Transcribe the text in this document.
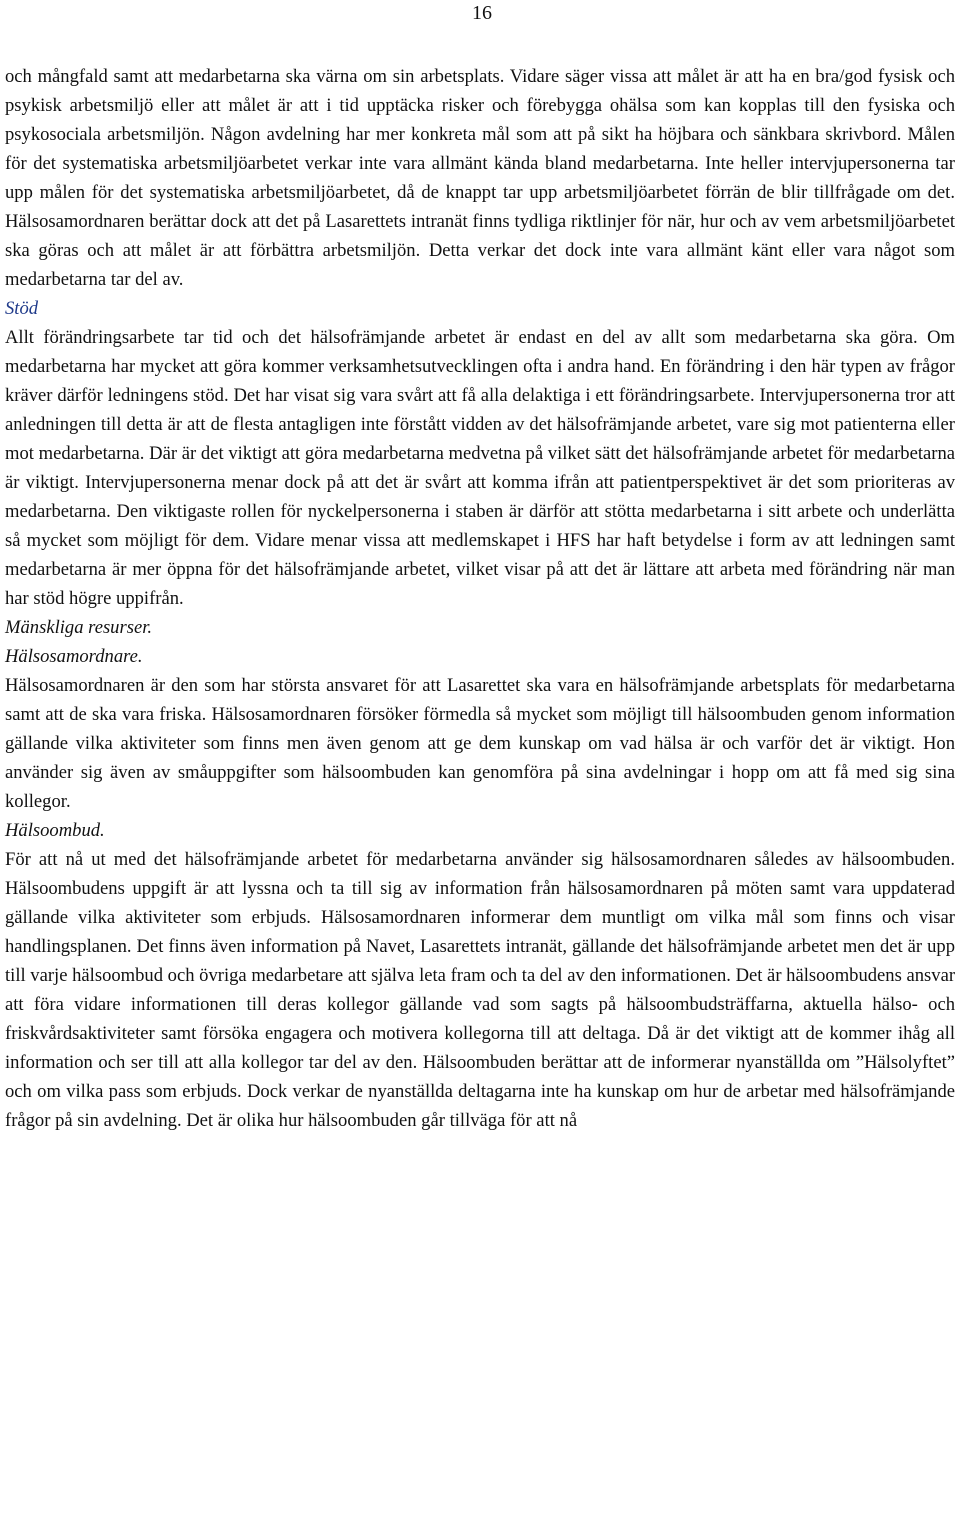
16

och mångfald samt att medarbetarna ska värna om sin arbetsplats. Vidare säger vissa att målet är att ha en bra/god fysisk och psykisk arbetsmiljö eller att målet är att i tid upptäcka risker och förebygga ohälsa som kan kopplas till den fysiska och psykosociala arbetsmiljön. Någon avdelning har mer konkreta mål som att på sikt ha höjbara och sänkbara skrivbord. Målen för det systematiska arbetsmiljöarbetet verkar inte vara allmänt kända bland medarbetarna. Inte heller intervjupersonerna tar upp målen för det systematiska arbetsmiljöarbetet, då de knappt tar upp arbetsmiljöarbetet förrän de blir tillfrågade om det. Hälsosamordnaren berättar dock att det på Lasarettets intranät finns tydliga riktlinjer för när, hur och av vem arbetsmiljöarbetet ska göras och att målet är att förbättra arbetsmiljön. Detta verkar det dock inte vara allmänt känt eller vara något som medarbetarna tar del av.

Stöd

Allt förändringsarbete tar tid och det hälsofrämjande arbetet är endast en del av allt som medarbetarna ska göra. Om medarbetarna har mycket att göra kommer verksamhetsutvecklingen ofta i andra hand. En förändring i den här typen av frågor kräver därför ledningens stöd. Det har visat sig vara svårt att få alla delaktiga i ett förändringsarbete. Intervjupersonerna tror att anledningen till detta är att de flesta antagligen inte förstått vidden av det hälsofrämjande arbetet, vare sig mot patienterna eller mot medarbetarna. Där är det viktigt att göra medarbetarna medvetna på vilket sätt det hälsofrämjande arbetet för medarbetarna är viktigt. Intervjupersonerna menar dock på att det är svårt att komma ifrån att patientperspektivet är det som prioriteras av medarbetarna. Den viktigaste rollen för nyckelpersonerna i staben är därför att stötta medarbetarna i sitt arbete och underlätta så mycket som möjligt för dem. Vidare menar vissa att medlemskapet i HFS har haft betydelse i form av att ledningen samt medarbetarna är mer öppna för det hälsofrämjande arbetet, vilket visar på att det är lättare att arbeta med förändring när man har stöd högre uppifrån.

Mänskliga resurser.

Hälsosamordnare.

Hälsosamordnaren är den som har största ansvaret för att Lasarettet ska vara en hälsofrämjande arbetsplats för medarbetarna samt att de ska vara friska. Hälsosamordnaren försöker förmedla så mycket som möjligt till hälsoombuden genom information gällande vilka aktiviteter som finns men även genom att ge dem kunskap om vad hälsa är och varför det är viktigt. Hon använder sig även av småuppgifter som hälsoombuden kan genomföra på sina avdelningar i hopp om att få med sig sina kollegor.

Hälsoombud.

För att nå ut med det hälsofrämjande arbetet för medarbetarna använder sig hälsosamordnaren således av hälsoombuden. Hälsoombudens uppgift är att lyssna och ta till sig av information från hälsosamordnaren på möten samt vara uppdaterad gällande vilka aktiviteter som erbjuds. Hälsosamordnaren informerar dem muntligt om vilka mål som finns och visar handlingsplanen. Det finns även information på Navet, Lasarettets intranät, gällande det hälsofrämjande arbetet men det är upp till varje hälsoombud och övriga medarbetare att själva leta fram och ta del av den informationen. Det är hälsoombudens ansvar att föra vidare informationen till deras kollegor gällande vad som sagts på hälsoombudsträffarna, aktuella hälso- och friskvårdsaktiviteter samt försöka engagera och motivera kollegorna till att deltaga. Då är det viktigt att de kommer ihåg all information och ser till att alla kollegor tar del av den. Hälsoombuden berättar att de informerar nyanställda om ”Hälsolyftet” och om vilka pass som erbjuds. Dock verkar de nyanställda deltagarna inte ha kunskap om hur de arbetar med hälsofrämjande frågor på sin avdelning. Det är olika hur hälsoombuden går tillväga för att nå
